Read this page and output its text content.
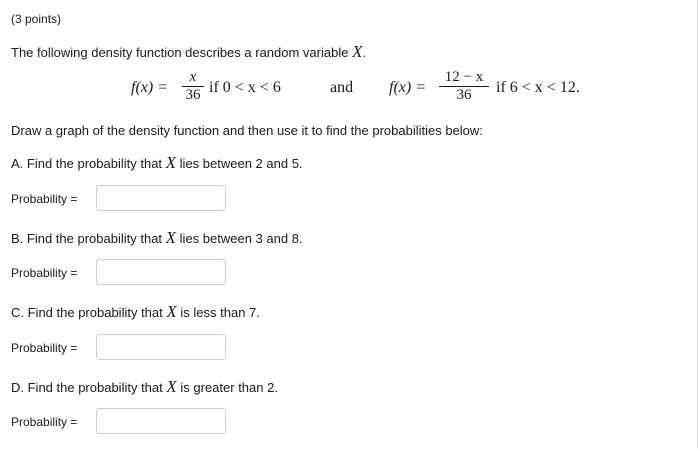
(3 points)
The following density function describes a random variable X.
f(x) =
x
36 if 0 < x < 6	and f(x) =
12 − x
36	if 6 < x < 12.
Draw a graph of the density function and then use it to find the probabilities below:
A. Find the probability that X lies between 2 and 5.
Probability =
B. Find the probability that X lies between 3 and 8.
Probability =
C. Find the probability that X is less than 7.
Probability =
D. Find the probability that X is greater than 2.
Probability =
